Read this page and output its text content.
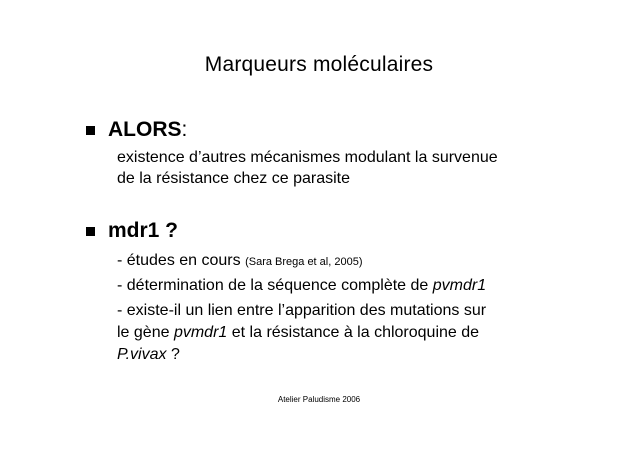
Marqueurs moléculaires
ALORS:
existence d’autres mécanismes modulant la survenue
de la résistance chez ce parasite
mdr1 ?
- études en cours (Sara Brega et al, 2005)
- détermination de la séquence complète de pvmdr1
- existe-il un lien entre l’apparition des mutations sur
le gène pvmdr1 et la résistance à la chloroquine de
P.vivax ?
Atelier Paludisme 2006
